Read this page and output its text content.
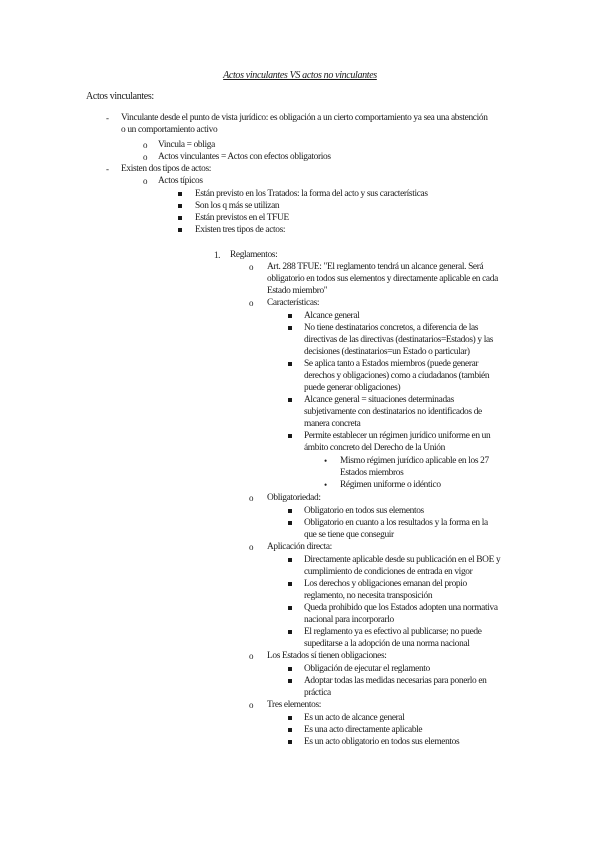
Actos vinculantes VS actos no vinculantes
Actos vinculantes:
- Vinculante desde el punto de vista jurídico: es obligación a un cierto comportamiento ya sea una abstención
o un comportamiento activo
o Vincula = obliga
o Actos vinculantes = Actos con efectos obligatorios
- Existen dos tipos de actos:
o Actos típicos
Están previsto en los Tratados: la forma del acto y sus características
Son los q más se utilizan
Están previstos en el TFUE
Existen tres tipos de actos:
1. Reglamentos:
o Art. 288 TFUE: "El reglamento tendrá un alcance general. Será
obligatorio en todos sus elementos y directamente aplicable en cada
Estado miembro"
o Características:
Alcance general
No tiene destinatarios concretos, a diferencia de las
directivas de las directivas (destinatarios=Estados) y las
decisiones (destinatarios=un Estado o particular)
Se aplica tanto a Estados miembros (puede generar
derechos y obligaciones) como a ciudadanos (también
puede generar obligaciones)
Alcance general = situaciones determinadas
subjetivamente con destinatarios no identificados de
manera concreta
Permite establecer un régimen jurídico uniforme en un
ámbito concreto del Derecho de la Unión
• Mismo régimen jurídico aplicable en los 27
Estados miembros
• Régimen uniforme o idéntico
o Obligatoriedad:
Obligatorio en todos sus elementos
Obligatorio en cuanto a los resultados y la forma en la
que se tiene que conseguir
o Aplicación directa:
Directamente aplicable desde su publicación en el BOE y
cumplimiento de condiciones de entrada en vigor
Los derechos y obligaciones emanan del propio
reglamento, no necesita transposición
Queda prohibido que los Estados adopten una normativa
nacional para incorporarlo
El reglamento ya es efectivo al publicarse; no puede
supeditarse a la adopción de una norma nacional
o Los Estados sí tienen obligaciones:
Obligación de ejecutar el reglamento
Adoptar todas las medidas necesarias para ponerlo en
práctica
o Tres elementos:
Es un acto de alcance general
Es una acto directamente aplicable
Es un acto obligatorio en todos sus elementos
